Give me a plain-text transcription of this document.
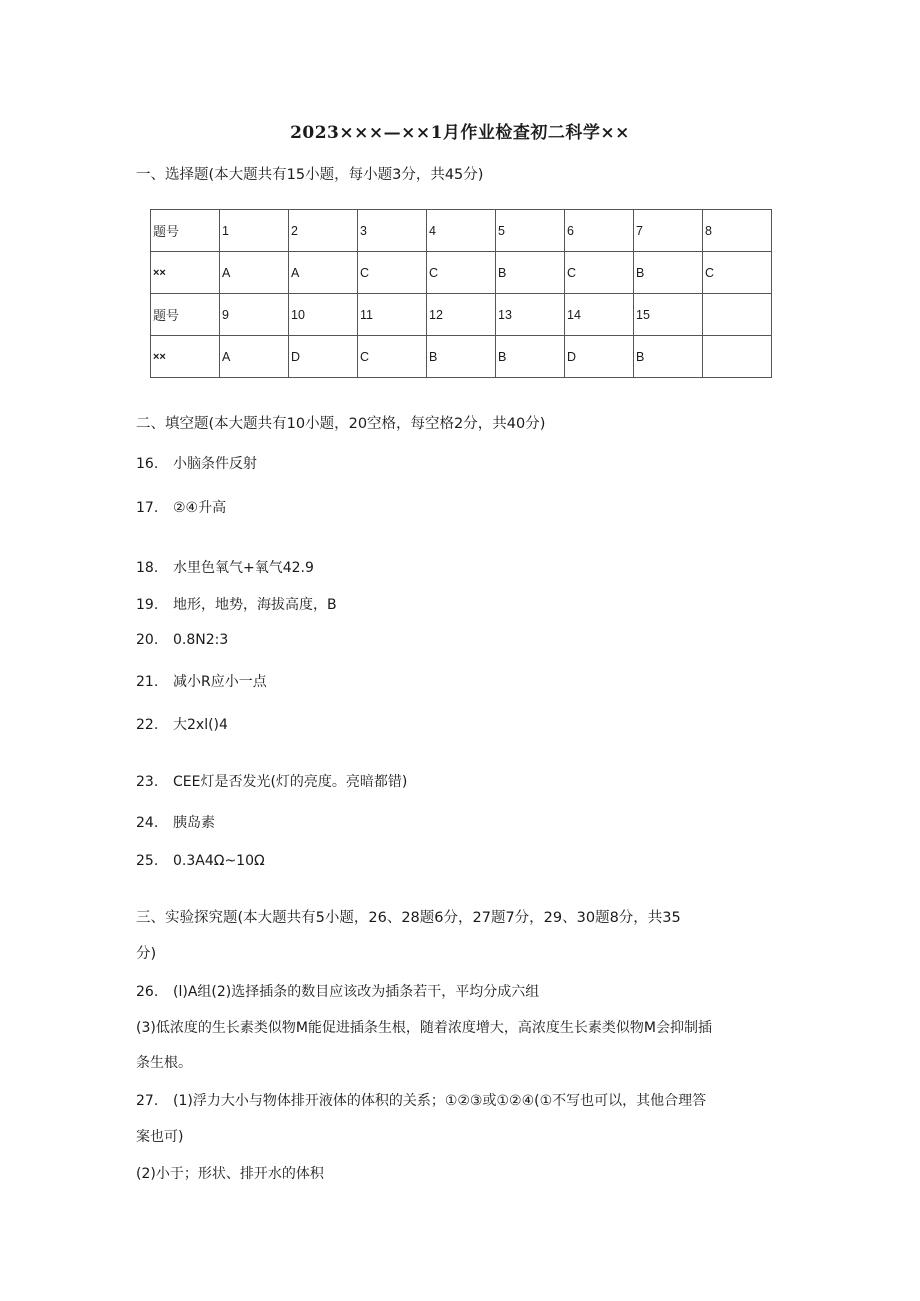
2023×××—××1月作业检查初二科学××
一、选择题(本大题共有15小题，每小题3分，共45分)
题号	1	2	3	4	5	6	7	8
××	A	A	C	C	B	C	B	C
题号	9	10	11	12	13	14	15	
××	A	D	C	B	B	D	B	
二、填空题(本大题共有10小题，20空格，每空格2分，共40分)
16. 小脑条件反射
17. ②④升高
18. 水里色氧气+氧气42.9
19. 地形，地势，海拔高度，B
20. 0.8N2:3
21. 减小R应小一点
22. 大2xl()4
23. CEE灯是否发光(灯的亮度。亮暗都错)
24. 胰岛素
25. 0.3A4Ω~10Ω
三、实验探究题(本大题共有5小题，26、28题6分，27题7分，29、30题8分，共35
分)
26. (l)A组(2)选择插条的数目应该改为插条若干，平均分成六组
(3)低浓度的生长素类似物M能促进插条生根，随着浓度增大，高浓度生长素类似物M会抑制插
条生根。
27. (1)浮力大小与物体排开液体的体积的关系；①②③或①②④(①不写也可以，其他合理答
案也可)
(2)小于；形状、排开水的体积
